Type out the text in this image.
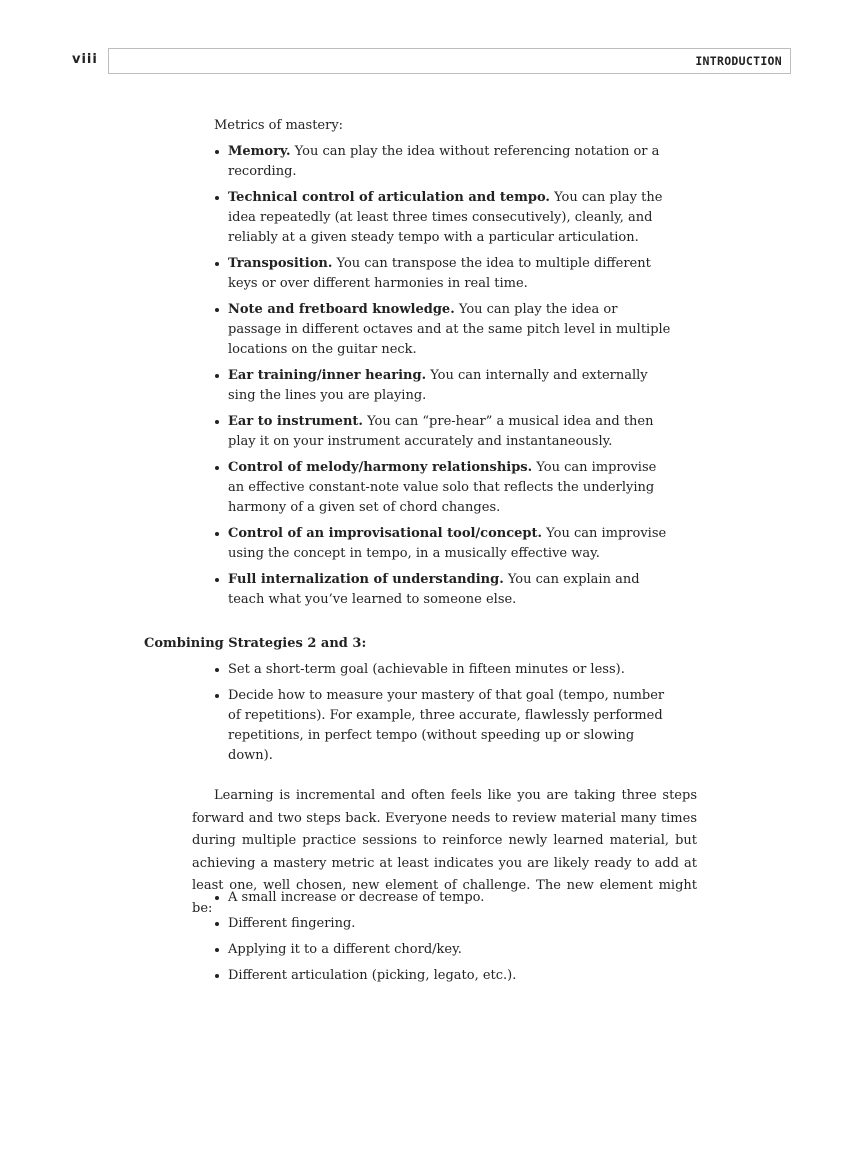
viii	INTRODUCTION
Metrics of mastery:
Memory. You can play the idea without referencing notation or a recording.
Technical control of articulation and tempo. You can play the idea repeatedly (at least three times consecutively), cleanly, and reliably at a given steady tempo with a particular articulation.
Transposition. You can transpose the idea to multiple different keys or over different harmonies in real time.
Note and fretboard knowledge. You can play the idea or passage in different octaves and at the same pitch level in multiple locations on the guitar neck.
Ear training/inner hearing. You can internally and externally sing the lines you are playing.
Ear to instrument. You can “pre-hear” a musical idea and then play it on your instrument accurately and instantaneously.
Control of melody/harmony relationships. You can improvise an effective constant-note value solo that reflects the underlying harmony of a given set of chord changes.
Control of an improvisational tool/concept. You can improvise using the concept in tempo, in a musically effective way.
Full internalization of understanding. You can explain and teach what you’ve learned to someone else.
Combining Strategies 2 and 3:
Set a short-term goal (achievable in fifteen minutes or less).
Decide how to measure your mastery of that goal (tempo, number of repetitions). For example, three accurate, flawlessly performed repetitions, in perfect tempo (without speeding up or slowing down).

Learning is incremental and often feels like you are taking three steps forward and two steps back. Everyone needs to review material many times during multiple practice sessions to reinforce newly learned material, but achieving a mastery metric at least indicates you are likely ready to add at least one, well chosen, new element of challenge. The new element might be:

A small increase or decrease of tempo.
Different fingering.
Applying it to a different chord/key.
Different articulation (picking, legato, etc.).
